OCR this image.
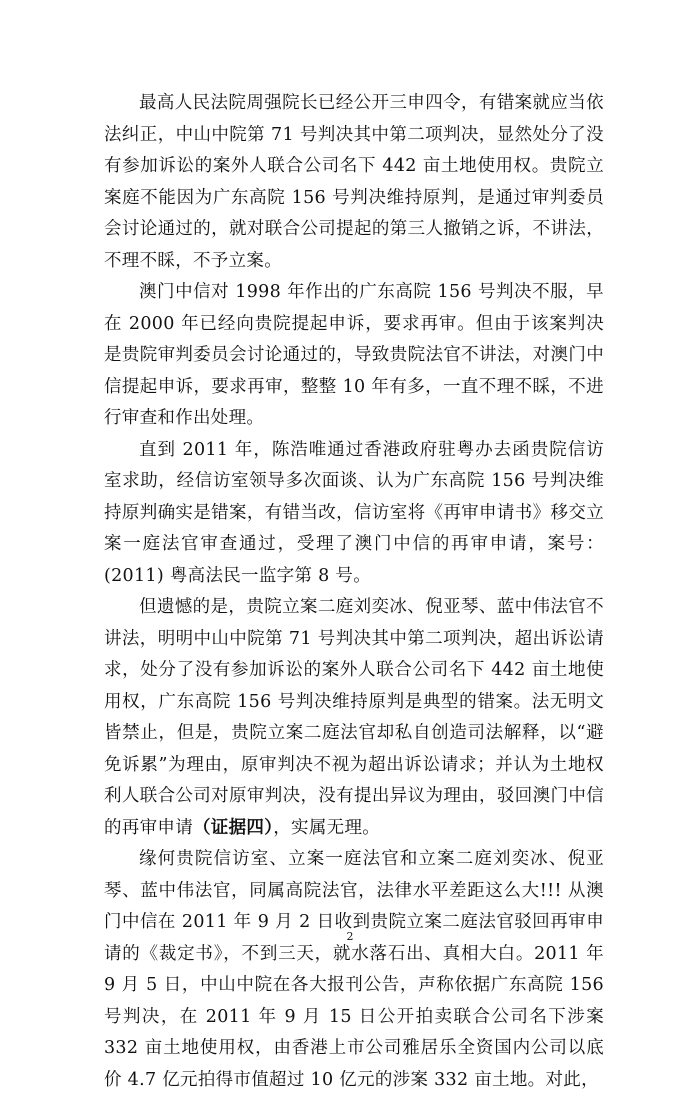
最高人民法院周强院长已经公开三申四令，有错案就应当依法纠正，中山中院第 71 号判决其中第二项判决，显然处分了没有参加诉讼的案外人联合公司名下 442 亩土地使用权。贵院立案庭不能因为广东高院 156 号判决维持原判，是通过审判委员会讨论通过的，就对联合公司提起的第三人撤销之诉，不讲法，不理不睬，不予立案。

澳门中信对 1998 年作出的广东高院 156 号判决不服，早在 2000 年已经向贵院提起申诉，要求再审。但由于该案判决是贵院审判委员会讨论通过的，导致贵院法官不讲法，对澳门中信提起申诉，要求再审，整整 10 年有多，一直不理不睬，不进行审查和作出处理。

直到 2011 年，陈浩唯通过香港政府驻粤办去函贵院信访室求助，经信访室领导多次面谈、认为广东高院 156 号判决维持原判确实是错案，有错当改，信访室将《再审申请书》移交立案一庭法官审查通过，受理了澳门中信的再审申请，案号：(2011) 粤高法民一监字第 8 号。

但遗憾的是，贵院立案二庭刘奕冰、倪亚琴、蓝中伟法官不讲法，明明中山中院第 71 号判决其中第二项判决，超出诉讼请求，处分了没有参加诉讼的案外人联合公司名下 442 亩土地使用权，广东高院 156 号判决维持原判是典型的错案。法无明文皆禁止，但是，贵院立案二庭法官却私自创造司法解释，以“避免诉累”为理由，原审判决不视为超出诉讼请求；并认为土地权利人联合公司对原审判决，没有提出异议为理由，驳回澳门中信的再审申请（证据四），实属无理。

缘何贵院信访室、立案一庭法官和立案二庭刘奕冰、倪亚琴、蓝中伟法官，同属高院法官，法律水平差距这么大!!! 从澳门中信在 2011 年 9 月 2 日收到贵院立案二庭法官驳回再审申请的《裁定书》，不到三天，就水落石出、真相大白。2011 年 9 月 5 日，中山中院在各大报刊公告，声称依据广东高院 156 号判决，在 2011 年 9 月 15 日公开拍卖联合公司名下涉案 332 亩土地使用权，由香港上市公司雅居乐全资国内公司以底价 4.7 亿元拍得市值超过 10 亿元的涉案 332 亩土地。对此，

2
